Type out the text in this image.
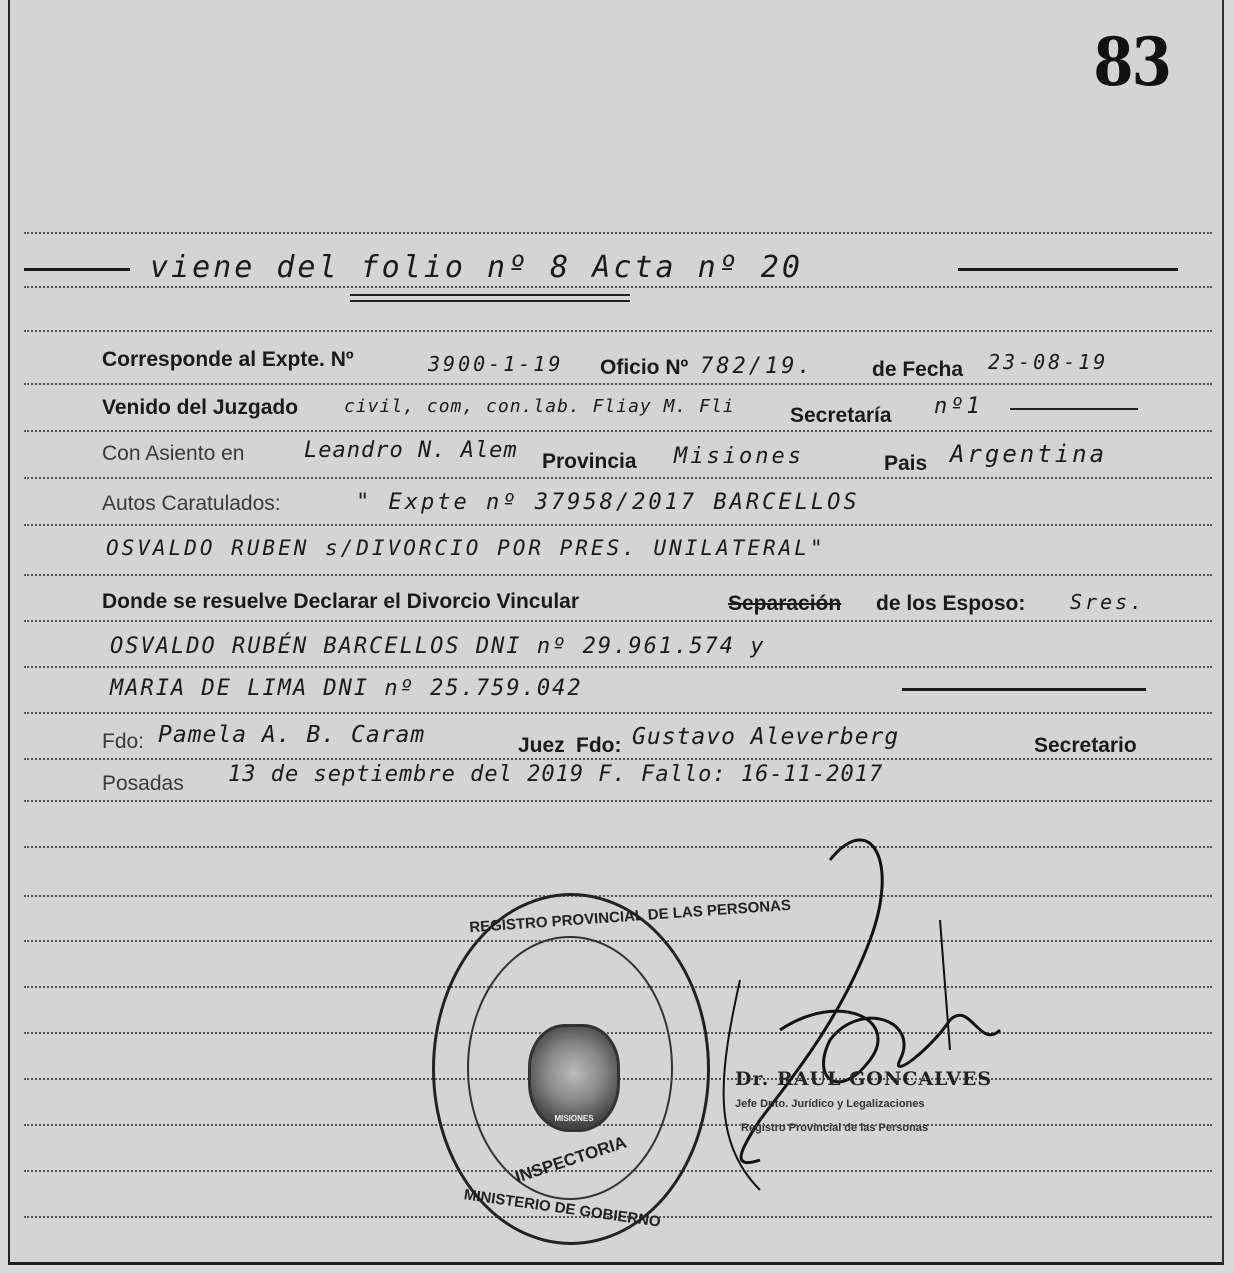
83
viene del folio nº 8 Acta nº 20
Corresponde al Expte. Nº	3900-1-19 Oficio Nº 782/19.	de Fecha 23-08-19
Venido del Juzgado	civil, com, con.lab. Fliay M. Fli	Secretaría nº1
Con Asiento en	Leandro N. Alem Provincia Misiones	Pais Argentina
Autos Caratulados:	" Expte nº 37958/2017 BARCELLOS
OSVALDO RUBEN s/DIVORCIO POR PRES. UNILATERAL"
Donde se resuelve Declarar el Divorcio Vincular	Separación de los Esposo: Sres.
OSVALDO RUBÉN BARCELLOS DNI nº 29.961.574 y
MARIA DE LIMA DNI nº 25.759.042
Fdo: Pamela A. B. Caram	Juez Fdo: Gustavo Aleverberg	Secretario
Posadas 13 de septiembre del 2019 F. Fallo: 16-11-2017
REGISTRO PROVINCIAL DE LAS PERSONAS
MISIONES
INSPECTORIA
MINISTERIO DE GOBIERNO
Dr. RAUL GONCALVES
Jefe Dpto. Jurídico y Legalizaciones
Registro Provincial de las Personas
